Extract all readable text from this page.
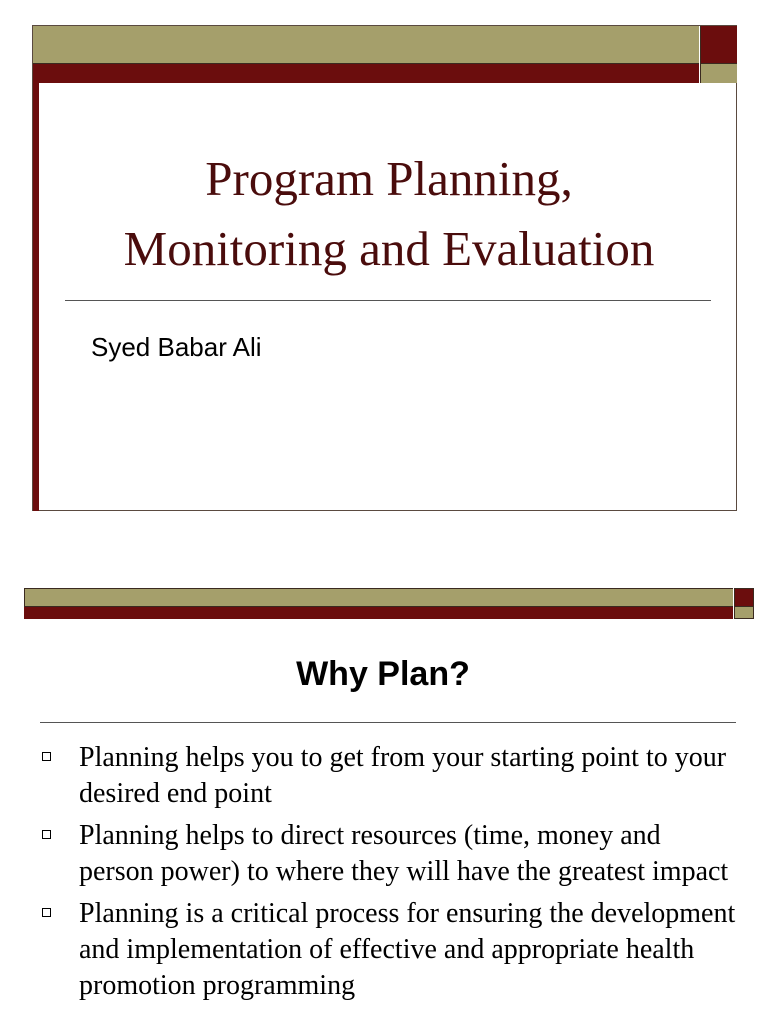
Program Planning,
Monitoring and Evaluation
Syed Babar Ali
Why Plan?
Planning helps you to get from your starting point to your desired end point
Planning helps to direct resources (time, money and person power) to where they will have the greatest impact
Planning is a critical process for ensuring the development and implementation of effective and appropriate health promotion programming
